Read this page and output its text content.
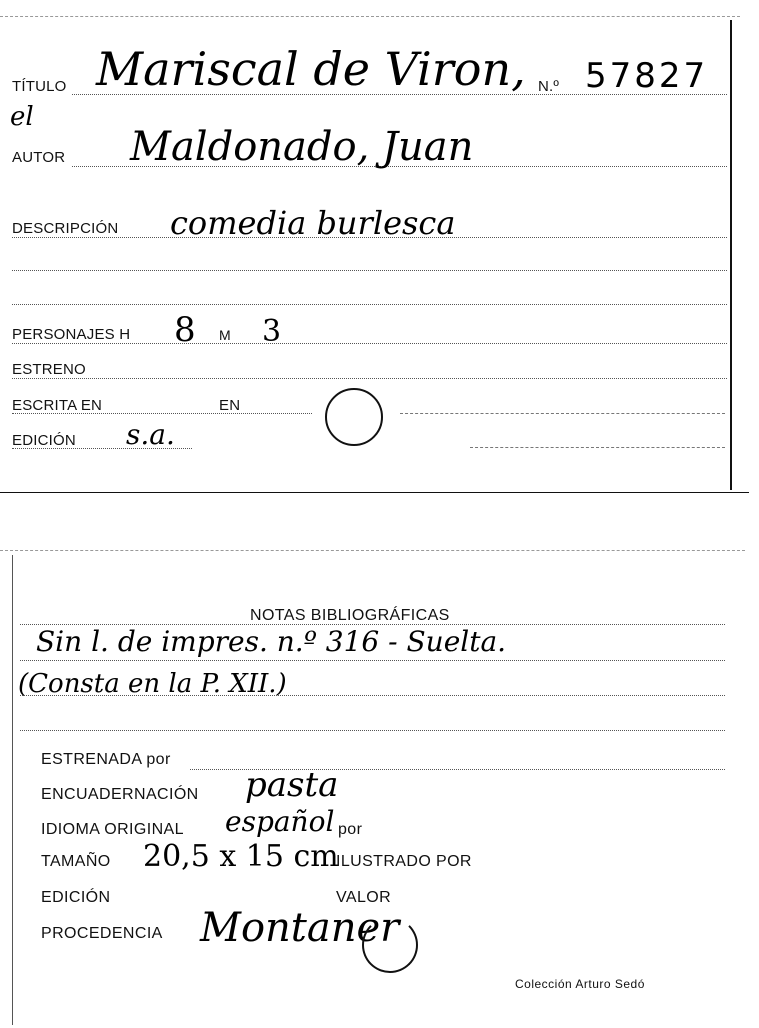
TÍTULO Mariscal de Viron, N.º 57827
el
AUTOR Maldonado, Juan
DESCRIPCIÓN comedia burlesca
PERSONAJES H 8 M 3
ESTRENO
ESCRITA EN	EN
EDICIÓN s.a.
NOTAS BIBLIOGRÁFICAS
Sin l. de impres. n.º 316 - Suelta.
(Consta en la P. XII.)
ESTRENADA por
ENCUADERNACIÓN pasta
IDIOMA ORIGINAL español por
TAMAÑO 20,5 x 15 cm
ILUSTRADO POR
EDICIÓN	VALOR
PROCEDENCIA Montaner
Colección Arturo Sedó
